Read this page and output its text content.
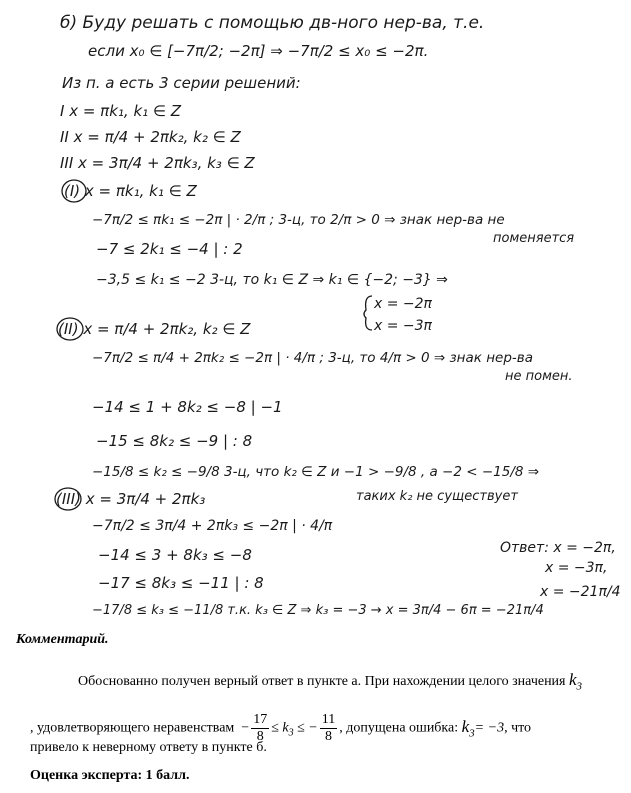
б) Буду решать с помощью дв-ного нер-ва, т.е.
если x₀ ∈ [−7π/2; −2π] ⇒ −7π/2 ≤ x₀ ≤ −2π.
Из п. а есть 3 серии решений:
I x = πk₁, k₁ ∈ Z
II x = π/4 + 2πk₂, k₂ ∈ Z
III x = 3π/4 + 2πk₃, k₃ ∈ Z
(I) x = πk₁, k₁ ∈ Z
−7π/2 ≤ πk₁ ≤ −2π | · 2/π ; 3-ц, то 2/π > 0 ⇒ знак нер-ва не
поменяется
−7 ≤ 2k₁ ≤ −4 | : 2
−3,5 ≤ k₁ ≤ −2 3-ц, то k₁ ∈ Z ⇒ k₁ ∈ {−2; −3} ⇒
x = −2π
x = −3π
(II) x = π/4 + 2πk₂, k₂ ∈ Z
−7π/2 ≤ π/4 + 2πk₂ ≤ −2π | · 4/π ; 3-ц, то 4/π > 0 ⇒ знак нер-ва
не помен.
−14 ≤ 1 + 8k₂ ≤ −8 | −1
−15 ≤ 8k₂ ≤ −9 | : 8
−15/8 ≤ k₂ ≤ −9/8 3-ц, что k₂ ∈ Z и −1 > −9/8 , а −2 < −15/8 ⇒
таких k₂ не существует
(III) x = 3π/4 + 2πk₃
−7π/2 ≤ 3π/4 + 2πk₃ ≤ −2π | · 4/π
−14 ≤ 3 + 8k₃ ≤ −8
−17 ≤ 8k₃ ≤ −11 | : 8
−17/8 ≤ k₃ ≤ −11/8 т.к. k₃ ∈ Z ⇒ k₃ = −3 → x = 3π/4 − 6π = −21π/4
Ответ: x = −2π,
x = −3π,
x = −21π/4
Комментарий.
Обоснованно получен верный ответ в пункте a. При нахождении целого значения $k_3$
, удовлетворяющего неравенствам  − $\frac{17}{8} \le k_3$ ≤ − $\frac{11}{8}$ , допущена ошибка: $k_3= -3$, что
привело к неверному ответу в пункте б.
Оценка эксперта: 1 балл.
